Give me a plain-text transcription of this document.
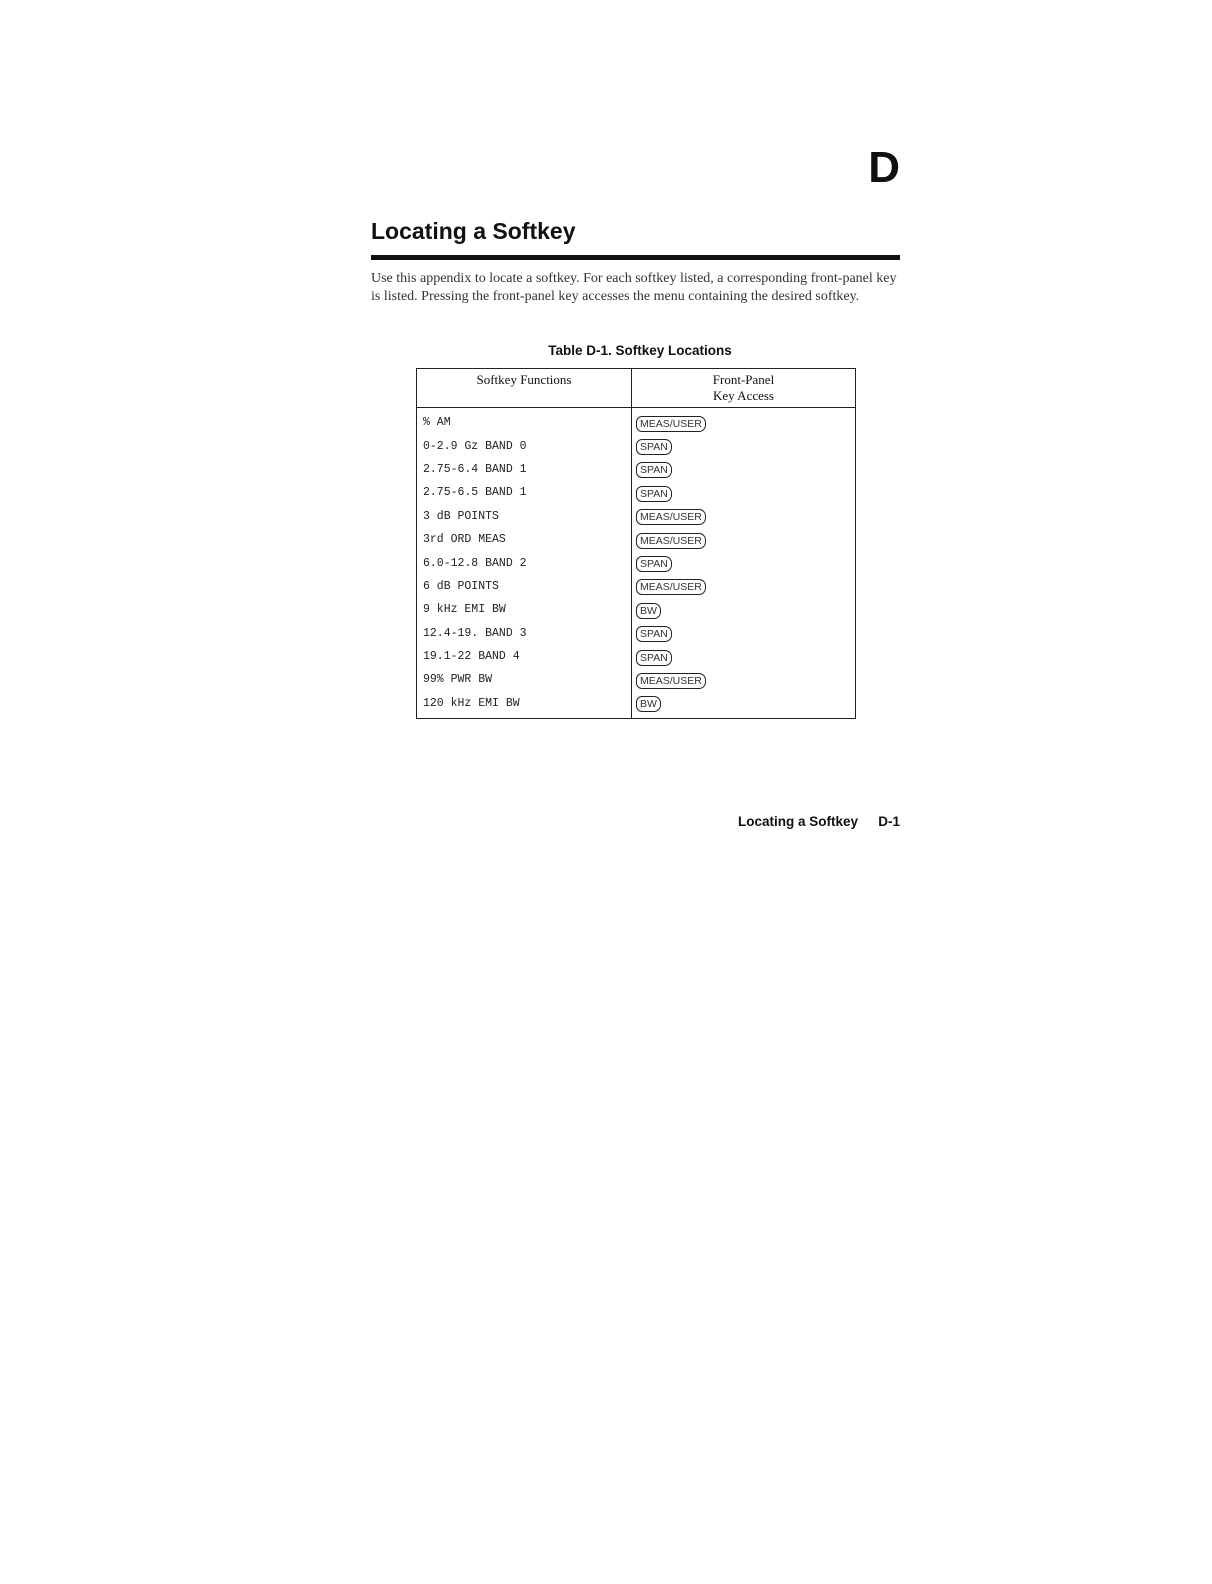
D
Locating a Softkey

Use this appendix to locate a softkey. For each softkey listed, a corresponding front-panel key is listed. Pressing the front-panel key accesses the menu containing the desired softkey.

Table D-1. Softkey Locations
Softkey Functions	Front-Panel
Key Access

% AM	MEAS/USER
0-2.9 Gz BAND 0	SPAN
2.75-6.4 BAND 1	SPAN
2.75-6.5 BAND 1	SPAN
3 dB POINTS	MEAS/USER
3rd ORD MEAS	MEAS/USER
6.0-12.8 BAND 2	SPAN
6 dB POINTS	MEAS/USER
9 kHz EMI BW	BW
12.4-19. BAND 3	SPAN
19.1-22 BAND 4	SPAN
99% PWR BW	MEAS/USER
120 kHz EMI BW	BW
Locating a Softkey	D-1
